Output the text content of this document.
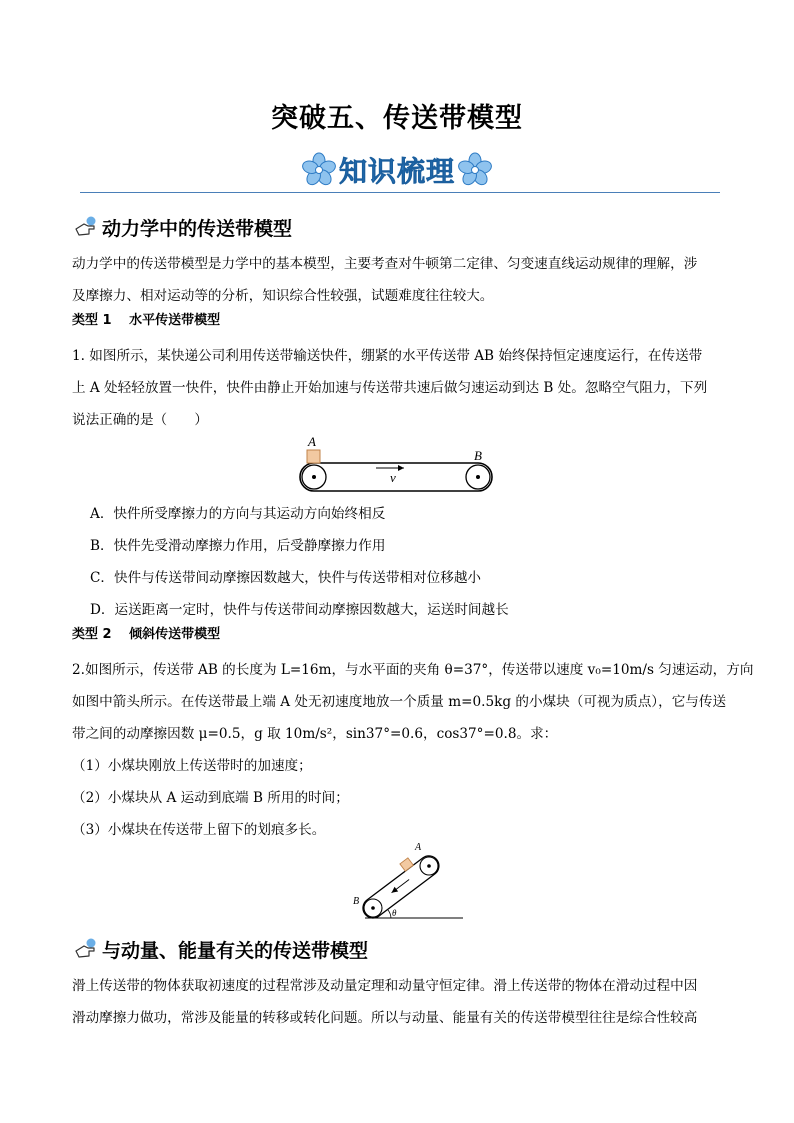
突破五、传送带模型
知识梳理
动力学中的传送带模型
动力学中的传送带模型是力学中的基本模型，主要考查对牛顿第二定律、匀变速直线运动规律的理解，涉
及摩擦力、相对运动等的分析，知识综合性较强，试题难度往往较大。
类型 1　 水平传送带模型
1. 如图所示，某快递公司利用传送带输送快件，绷紧的水平传送带 AB 始终保持恒定速度运行，在传送带
上 A 处轻轻放置一快件，快件由静止开始加速与传送带共速后做匀速运动到达 B 处。忽略空气阻力，下列
说法正确的是（　　）
A
B
v
A．快件所受摩擦力的方向与其运动方向始终相反
B．快件先受滑动摩擦力作用，后受静摩擦力作用
C．快件与传送带间动摩擦因数越大，快件与传送带相对位移越小
D．运送距离一定时，快件与传送带间动摩擦因数越大，运送时间越长
类型 2　 倾斜传送带模型
2.如图所示，传送带 AB 的长度为 L=16m，与水平面的夹角 θ=37°，传送带以速度 v₀=10m/s 匀速运动，方向
如图中箭头所示。在传送带最上端 A 处无初速度地放一个质量 m=0.5kg 的小煤块（可视为质点），它与传送
带之间的动摩擦因数 μ=0.5，g 取 10m/s²，sin37°=0.6，cos37°=0.8。求：
（1）小煤块刚放上传送带时的加速度；
（2）小煤块从 A 运动到底端 B 所用的时间；
（3）小煤块在传送带上留下的划痕多长。
A
B
θ
与动量、能量有关的传送带模型
滑上传送带的物体获取初速度的过程常涉及动量定理和动量守恒定律。滑上传送带的物体在滑动过程中因
滑动摩擦力做功，常涉及能量的转移或转化问题。所以与动量、能量有关的传送带模型往往是综合性较高
